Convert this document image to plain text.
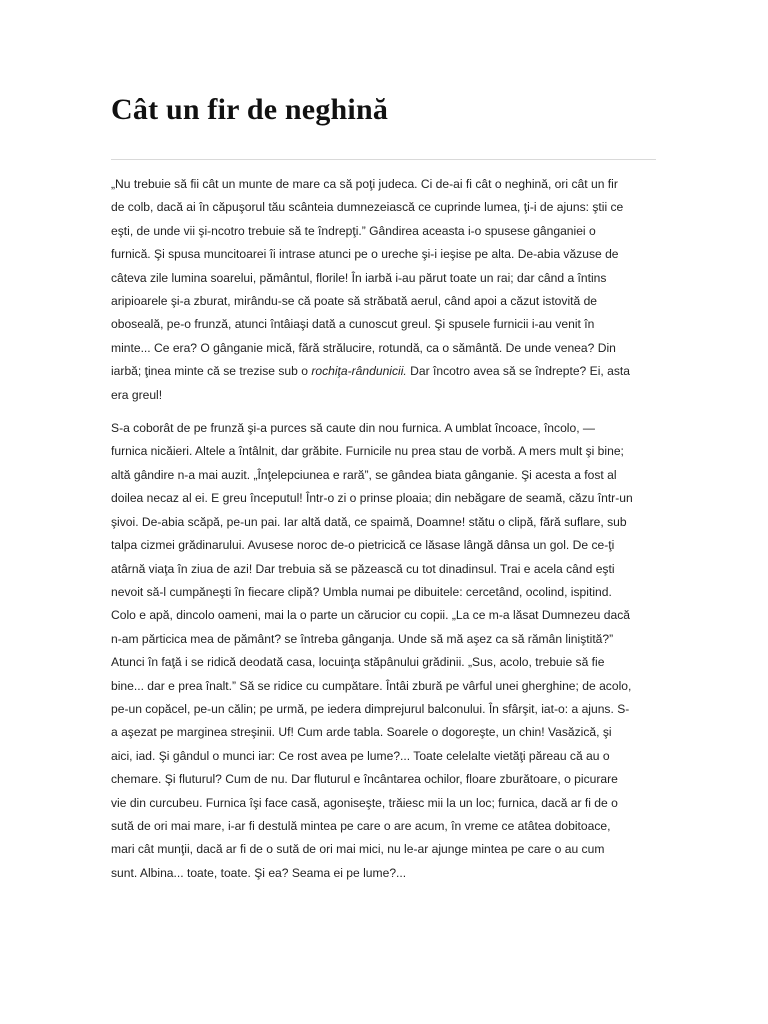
Cât un fir de neghină

„Nu trebuie să fii cât un munte de mare ca să poţi judeca. Ci de-ai fi cât o neghină, ori cât un fir
de colb, dacă ai în căpuşorul tău scânteia dumnezeiască ce cuprinde lumea, ţi-i de ajuns: ştii ce
eşti, de unde vii şi-ncotro trebuie să te îndrepţi.” Gândirea aceasta i-o spusese gânganiei o
furnică. Şi spusa muncitoarei îi intrase atunci pe o ureche şi-i ieşise pe alta. De-abia văzuse de
câteva zile lumina soarelui, pământul, florile! În iarbă i-au părut toate un rai; dar când a întins
aripioarele şi-a zburat, mirându-se că poate să străbată aerul, când apoi a căzut istovită de
oboseală, pe-o frunză, atunci întâiaşi dată a cunoscut greul. Şi spusele furnicii i-au venit în
minte... Ce era? O gânganie mică, fără strălucire, rotundă, ca o sământă. De unde venea? Din
iarbă; ţinea minte că se trezise sub o rochiţa-rândunicii. Dar încotro avea să se îndrepte? Ei, asta
era greul!

S-a coborât de pe frunză şi-a purces să caute din nou furnica. A umblat încoace, încolo, —
furnica nicăieri. Altele a întâlnit, dar grăbite. Furnicile nu prea stau de vorbă. A mers mult şi bine;
altă gândire n-a mai auzit. „Înţelepciunea e rară”, se gândea biata gânganie. Şi acesta a fost al
doilea necaz al ei. E greu începutul! Într-o zi o prinse ploaia; din nebăgare de seamă, căzu într-un
şivoi. De-abia scăpă, pe-un pai. Iar altă dată, ce spaimă, Doamne! stătu o clipă, fără suflare, sub
talpa cizmei grădinarului. Avusese noroc de-o pietricică ce lăsase lângă dânsa un gol. De ce-ţi
atârnă viaţa în ziua de azi! Dar trebuia să se păzească cu tot dinadinsul. Trai e acela când eşti
nevoit să-l cumpăneşti în fiecare clipă? Umbla numai pe dibuitele: cercetând, ocolind, ispitind.
Colo e apă, dincolo oameni, mai la o parte un cărucior cu copii. „La ce m-a lăsat Dumnezeu dacă
n-am părticica mea de pământ? se întreba gânganja. Unde să mă aşez ca să rămân liniştită?”
Atunci în faţă i se ridică deodată casa, locuinţa stăpânului grădinii. „Sus, acolo, trebuie să fie
bine... dar e prea înalt.” Să se ridice cu cumpătare. Întâi zbură pe vârful unei gherghine; de acolo,
pe-un copăcel, pe-un călin; pe urmă, pe iedera dimprejurul balconului. În sfârşit, iat-o: a ajuns. S-
a aşezat pe marginea streşinii. Uf! Cum arde tabla. Soarele o dogoreşte, un chin! Vasăzică, şi
aici, iad. Şi gândul o munci iar: Ce rost avea pe lume?... Toate celelalte vietăţi păreau că au o
chemare. Şi fluturul? Cum de nu. Dar fluturul e încântarea ochilor, floare zburătoare, o picurare
vie din curcubeu. Furnica îşi face casă, agoniseşte, trăiesc mii la un loc; furnica, dacă ar fi de o
sută de ori mai mare, i-ar fi destulă mintea pe care o are acum, în vreme ce atâtea dobitoace,
mari cât munţii, dacă ar fi de o sută de ori mai mici, nu le-ar ajunge mintea pe care o au cum
sunt. Albina... toate, toate. Şi ea? Seama ei pe lume?...
